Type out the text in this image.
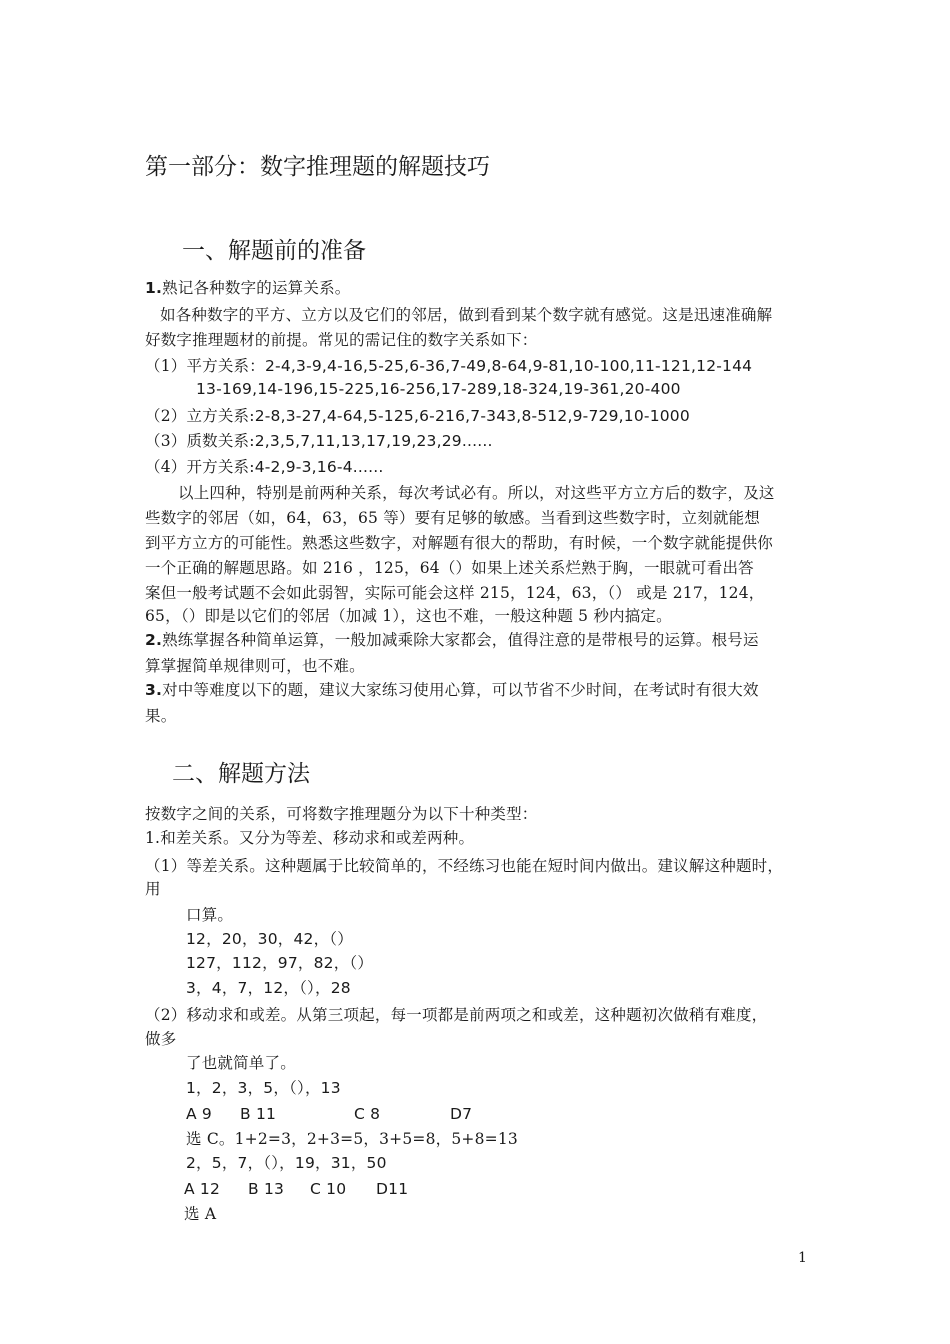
第一部分：数字推理题的解题技巧
一、解题前的准备
1.熟记各种数字的运算关系。
如各种数字的平方、立方以及它们的邻居，做到看到某个数字就有感觉。这是迅速准确解
好数字推理题材的前提。常见的需记住的数字关系如下：
（1）平方关系：2-4,3-9,4-16,5-25,6-36,7-49,8-64,9-81,10-100,11-121,12-144
13-169,14-196,15-225,16-256,17-289,18-324,19-361,20-400
（2）立方关系:2-8,3-27,4-64,5-125,6-216,7-343,8-512,9-729,10-1000
（3）质数关系:2,3,5,7,11,13,17,19,23,29......
（4）开方关系:4-2,9-3,16-4......
以上四种，特别是前两种关系，每次考试必有。所以，对这些平方立方后的数字，及这
些数字的邻居（如，64，63，65 等）要有足够的敏感。当看到这些数字时，立刻就能想
到平方立方的可能性。熟悉这些数字，对解题有很大的帮助，有时候，一个数字就能提供你
一个正确的解题思路。如 216 ，125，64（）如果上述关系烂熟于胸，一眼就可看出答
案但一般考试题不会如此弱智，实际可能会这样 215，124，63，（） 或是 217，124，
65，（）即是以它们的邻居（加减 1），这也不难，一般这种题 5 秒内搞定。
2.熟练掌握各种简单运算，一般加减乘除大家都会，值得注意的是带根号的运算。根号运
算掌握简单规律则可，也不难。
3.对中等难度以下的题，建议大家练习使用心算，可以节省不少时间，在考试时有很大效
果。
二、解题方法
按数字之间的关系，可将数字推理题分为以下十种类型：
1.和差关系。又分为等差、移动求和或差两种。
（1）等差关系。这种题属于比较简单的，不经练习也能在短时间内做出。建议解这种题时，
用
口算。
12，20，30，42，（）
127，112，97，82，（）
3，4，7，12，（），28
（2）移动求和或差。从第三项起，每一项都是前两项之和或差，这种题初次做稍有难度，
做多
了也就简单了。
1，2，3，5，（），13
A 9 B 11	C 8	D7
选 C。1+2=3，2+3=5，3+5=8，5+8=13
2，5，7，（），19，31，50
A 12 B 13 C 10 D11
选 A
1
